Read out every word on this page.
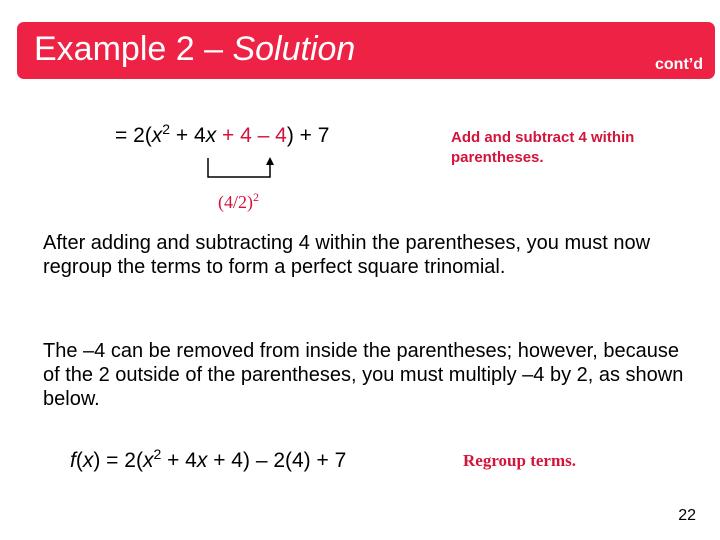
Example 2 – Solution	cont’d
= $2(x^2 + 4x + 4 - 4) + 7$
$(4/2)^2$
Add and subtract 4 within parentheses.
After adding and subtracting 4 within the parentheses, you must now regroup the terms to form a perfect square trinomial.
The –4 can be removed from inside the parentheses; however, because of the 2 outside of the parentheses, you must multiply –4 by 2, as shown below.
$f(x) = 2(x^2 + 4x + 4) - 2(4) + 7$	Regroup terms.
22
